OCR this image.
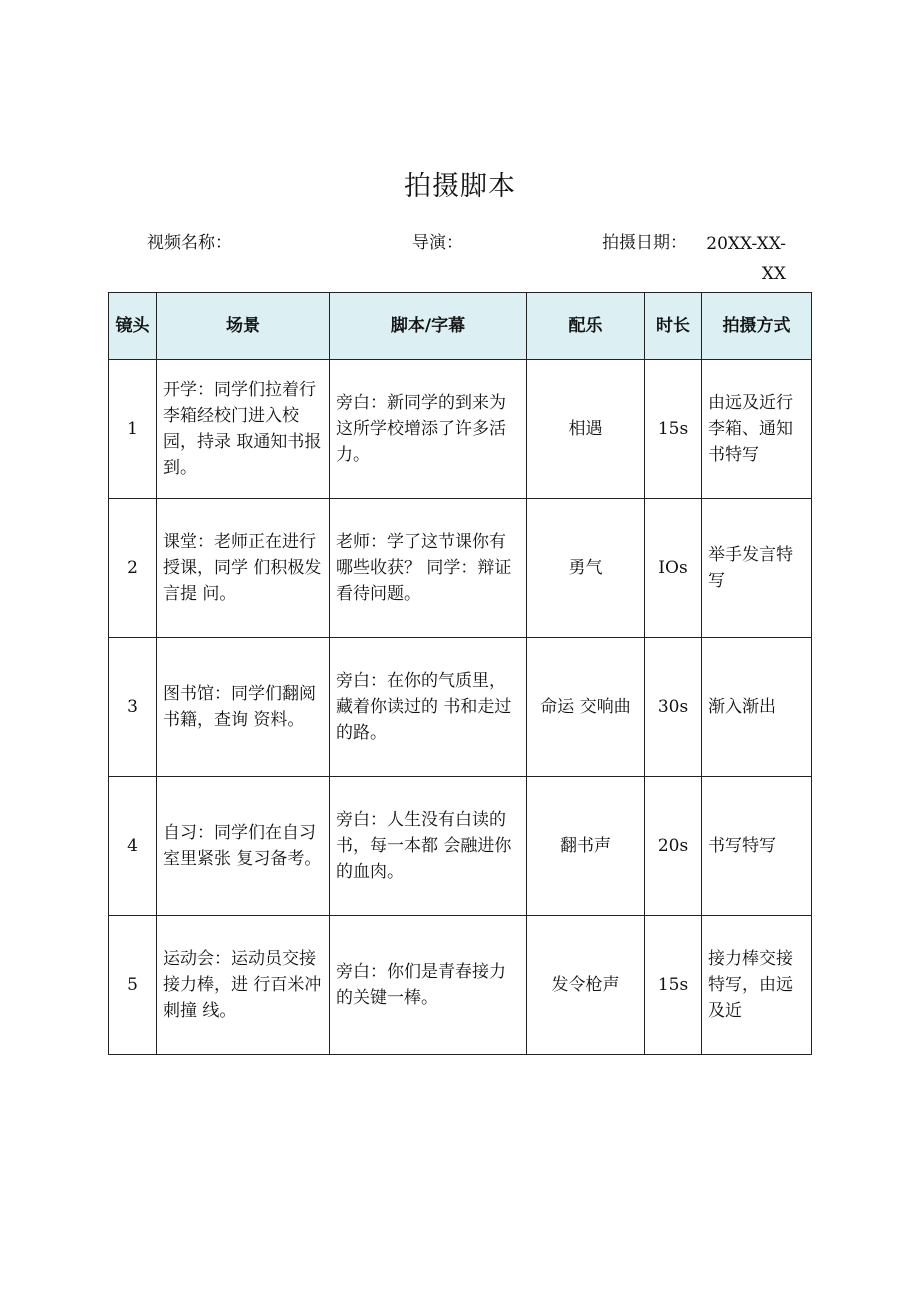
拍摄脚本
视频名称：	导演：	拍摄日期：	20XX-XX-XX
镜头	场景	脚本/字幕	配乐	时长	拍摄方式
1	开学：同学们拉着行李箱经校门进入校园，持录 取通知书报到。	旁白：新同学的到来为这所学校增添了许多活力。	相遇	15s	由远及近行李箱、通知书特写
2	课堂：老师正在进行授课，同学 们积极发言提 问。	老师：学了这节课你有哪些收获？ 同学：辩证看待问题。	勇气	IOs	举手发言特写
3	图书馆：同学们翻阅书籍，查询 资料。	旁白：在你的气质里，藏着你读过的 书和走过的路。	命运 交响曲	30s	渐入渐出
4	自习：同学们在自习室里紧张 复习备考。	旁白：人生没有白读的书，每一本都 会融进你的血肉。	翻书声	20s	书写特写
5	运动会：运动员交接接力棒，进 行百米冲刺撞 线。	旁白：你们是青春接力的关键一棒。	发令枪声	15s	接力棒交接特写，由远及近
